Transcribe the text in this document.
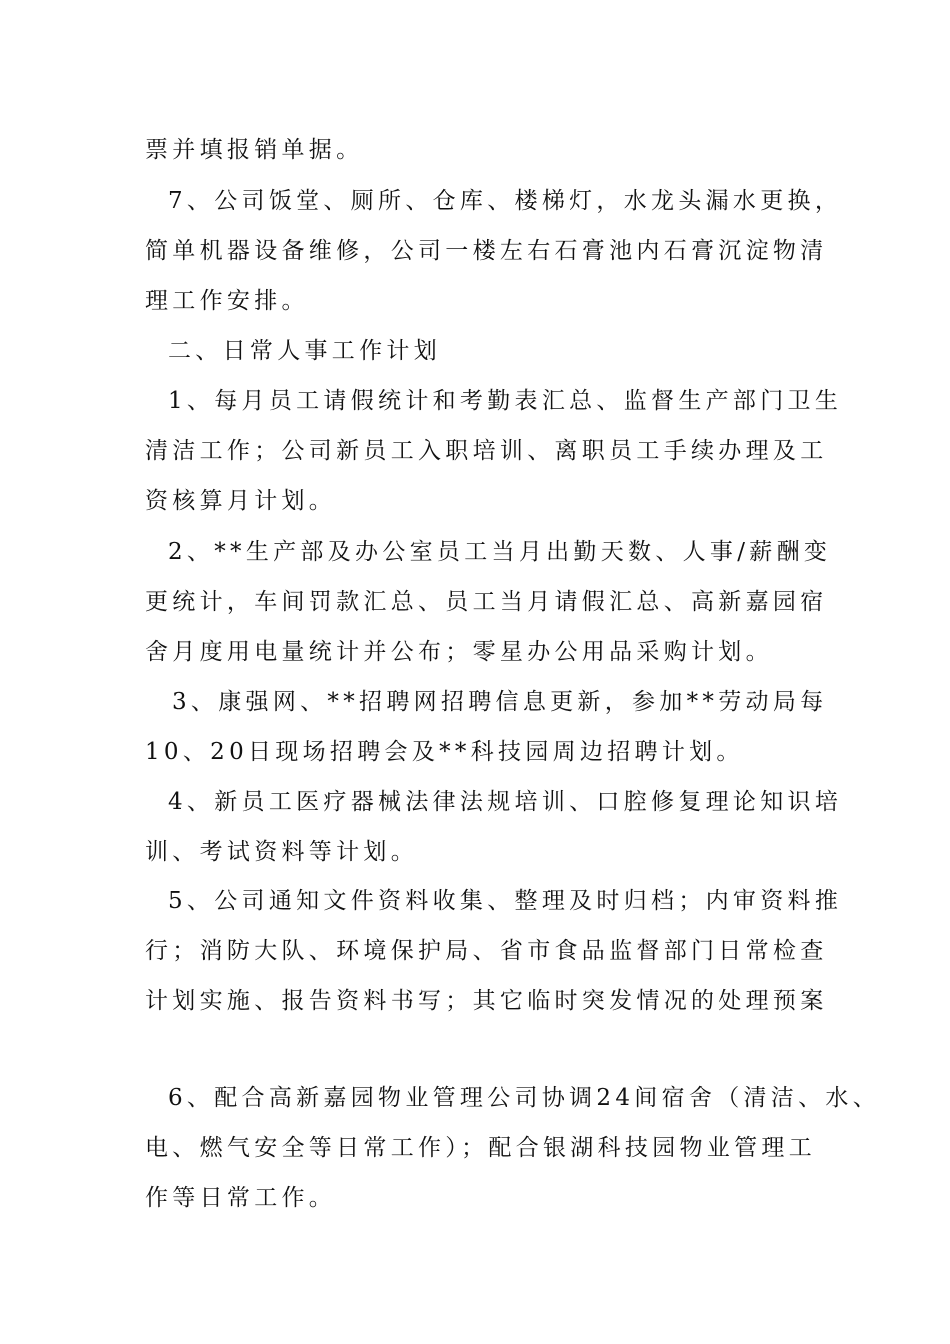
票并填报销单据。
7、公司饭堂、厕所、仓库、楼梯灯，水龙头漏水更换，
简单机器设备维修，公司一楼左右石膏池内石膏沉淀物清
理工作安排。
二、日常人事工作计划
1、每月员工请假统计和考勤表汇总、监督生产部门卫生
清洁工作；公司新员工入职培训、离职员工手续办理及工
资核算月计划。
2、**生产部及办公室员工当月出勤天数、人事/薪酬变
更统计，车间罚款汇总、员工当月请假汇总、高新嘉园宿
舍月度用电量统计并公布；零星办公用品采购计划。
3、康强网、**招聘网招聘信息更新，参加**劳动局每
10、20日现场招聘会及**科技园周边招聘计划。
4、新员工医疗器械法律法规培训、口腔修复理论知识培
训、考试资料等计划。
5、公司通知文件资料收集、整理及时归档；内审资料推
行；消防大队、环境保护局、省市食品监督部门日常检查
计划实施、报告资料书写；其它临时突发情况的处理预案
6、配合高新嘉园物业管理公司协调24间宿舍（清洁、水、
电、燃气安全等日常工作）；配合银湖科技园物业管理工
作等日常工作。
